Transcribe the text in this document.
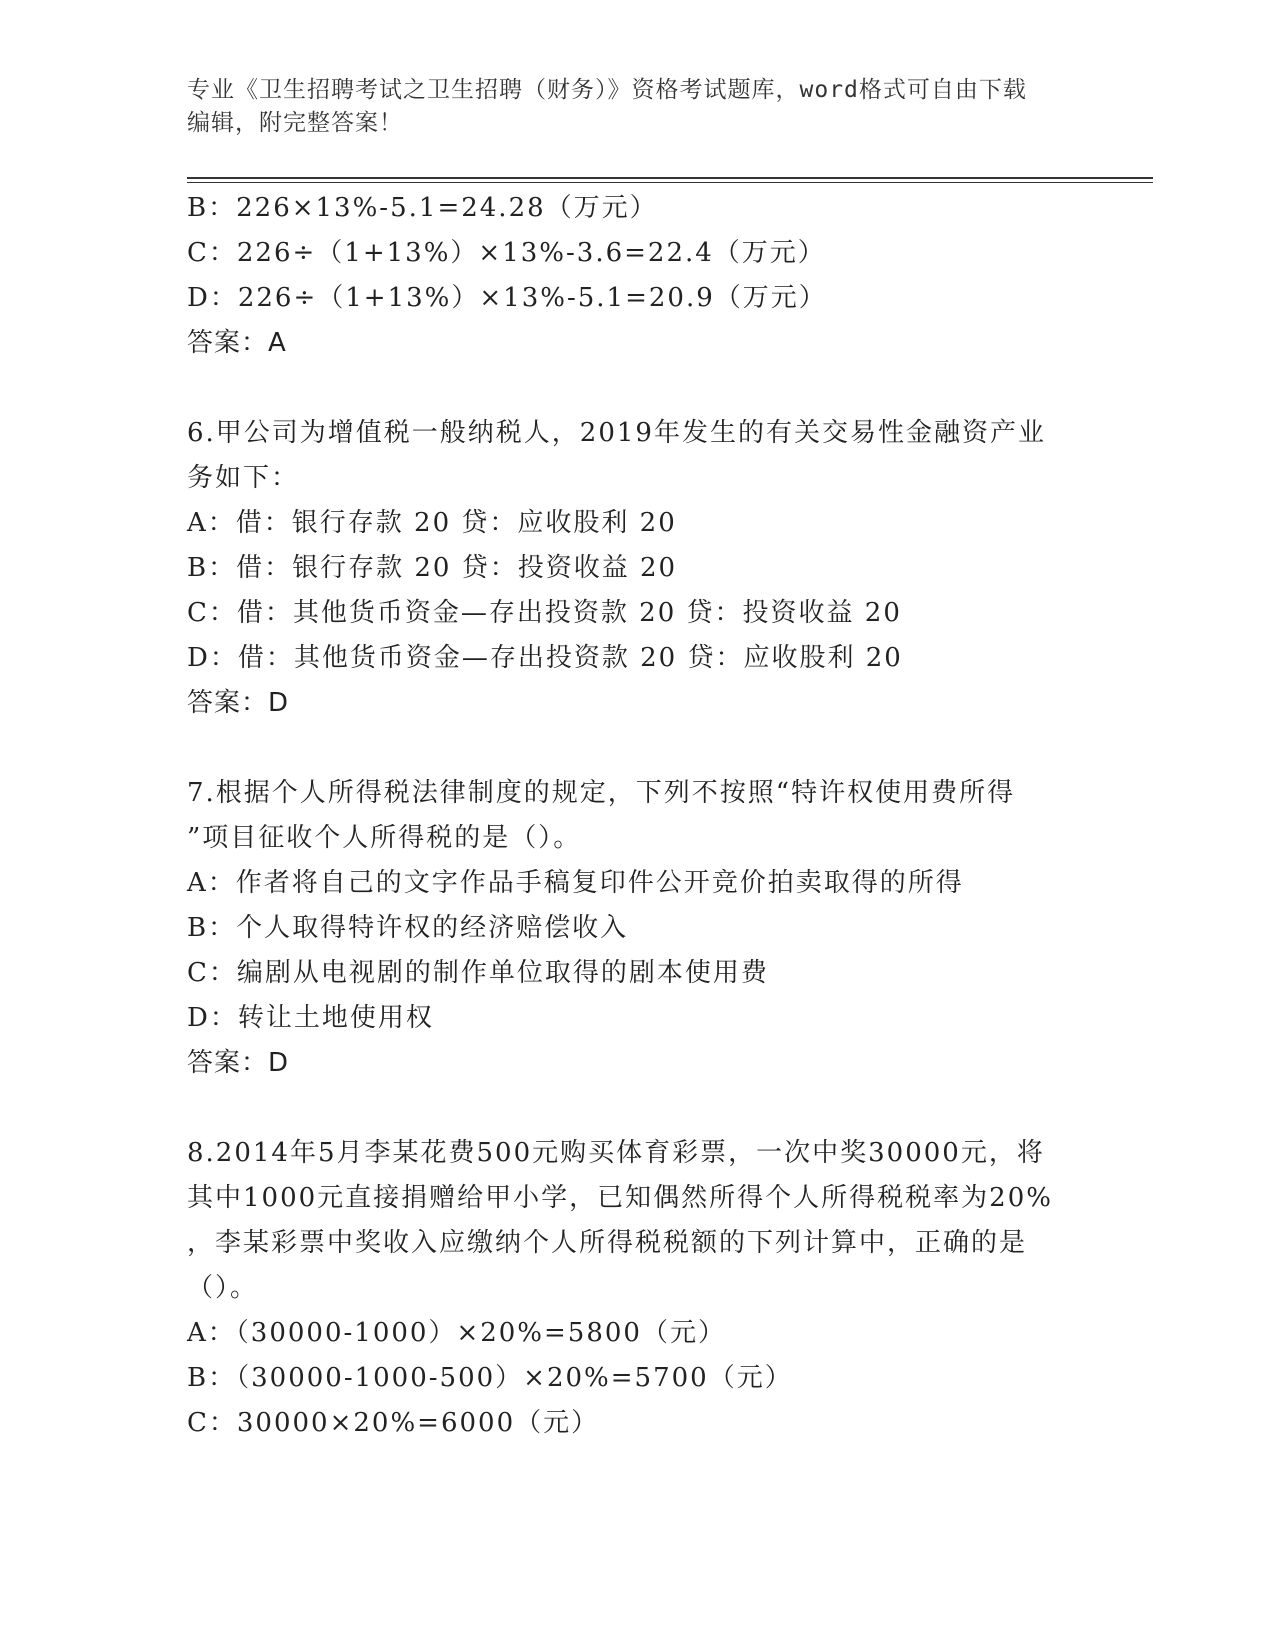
专业《卫生招聘考试之卫生招聘（财务）》资格考试题库，word格式可自由下载
编辑，附完整答案！
B：226×13%-5.1=24.28（万元）
C：226÷（1+13%）×13%-3.6=22.4（万元）
D：226÷（1+13%）×13%-5.1=20.9（万元）
答案：A
6.甲公司为增值税一般纳税人，2019年发生的有关交易性金融资产业
务如下：
A：借：银行存款 20 贷：应收股利 20
B：借：银行存款 20 贷：投资收益 20
C：借：其他货币资金—存出投资款 20 贷：投资收益 20
D：借：其他货币资金—存出投资款 20 贷：应收股利 20
答案：D
7.根据个人所得税法律制度的规定，下列不按照“特许权使用费所得
”项目征收个人所得税的是（）。
A：作者将自己的文字作品手稿复印件公开竞价拍卖取得的所得
B：个人取得特许权的经济赔偿收入
C：编剧从电视剧的制作单位取得的剧本使用费
D：转让土地使用权
答案：D
8.2014年5月李某花费500元购买体育彩票，一次中奖30000元，将
其中1000元直接捐赠给甲小学，已知偶然所得个人所得税税率为20%
，李某彩票中奖收入应缴纳个人所得税税额的下列计算中，正确的是
（）。
A：（30000-1000）×20%=5800（元）
B：（30000-1000-500）×20%=5700（元）
C：30000×20%=6000（元）
